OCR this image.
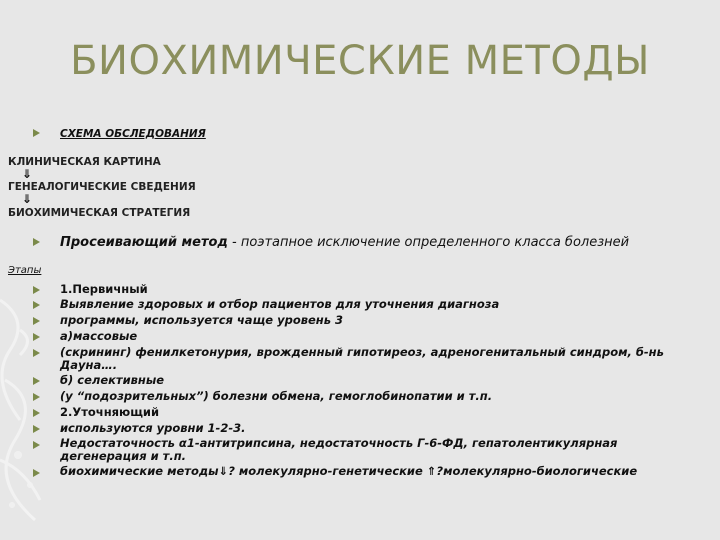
БИОХИМИЧЕСКИЕ МЕТОДЫ
СХЕМА ОБСЛЕДОВАНИЯ
КЛИНИЧЕСКАЯ КАРТИНА
⇓
ГЕНЕАЛОГИЧЕСКИЕ СВЕДЕНИЯ
⇓
БИОХИМИЧЕСКАЯ СТРАТЕГИЯ
Просеивающий метод - поэтапное исключение определенного класса болезней
Этапы
1.Первичный
Выявление здоровых и отбор пациентов для уточнения диагноза
программы, используется чаще уровень 3
а)массовые
(скрининг) фенилкетонурия, врожденный гипотиреоз, адреногенитальный синдром, б-нь
Дауна….
б) селективные
(у “подозрительных”) болезни обмена, гемоглобинопатии и т.п.
2.Уточняющий
используются уровни 1-2-3.
Недостаточность α1-антитрипсина, недостаточность Г-6-ФД, гепатолентикулярная
дегенерация и т.п.
биохимические методы⇓? молекулярно-генетические ⇑?молекулярно-биологические
